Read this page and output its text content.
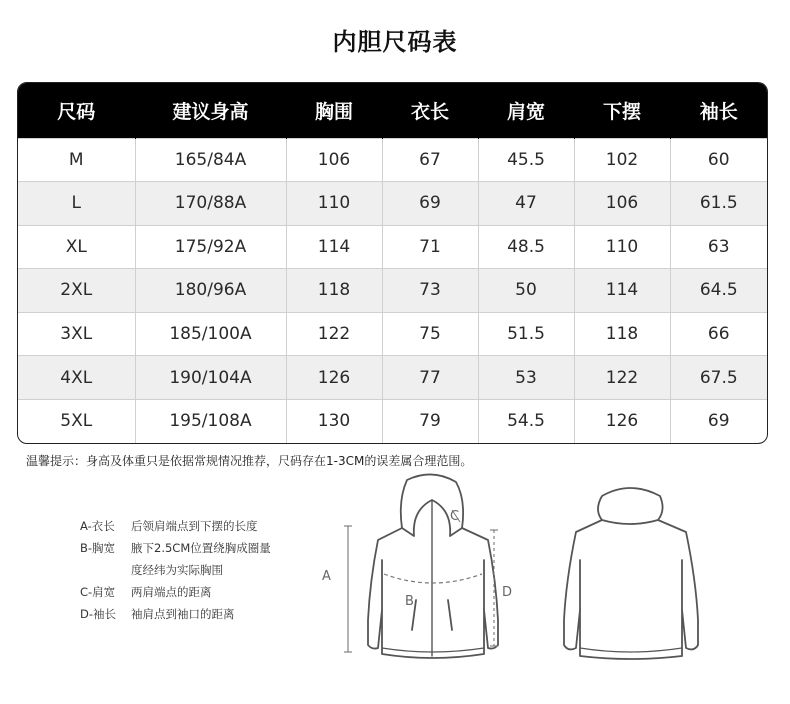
内胆尺码表
尺码	建议身高	胸围	衣长	肩宽	下摆	袖长
M	165/84A	106	67	45.5	102	60
L	170/88A	110	69	47	106	61.5
XL	175/92A	114	71	48.5	110	63
2XL	180/96A	118	73	50	114	64.5
3XL	185/100A	122	75	51.5	118	66
4XL	190/104A	126	77	53	122	67.5
5XL	195/108A	130	79	54.5	126	69
温馨提示：身高及体重只是依据常规情况推荐，尺码存在1-3CM的误差属合理范围。
A-衣长 后领肩端点到下摆的长度
B-胸宽 腋下2.5CM位置绕胸成圈量
度经纬为实际胸围
C-肩宽 两肩端点的距离
D-袖长 袖肩点到袖口的距离
A
B
C
D
